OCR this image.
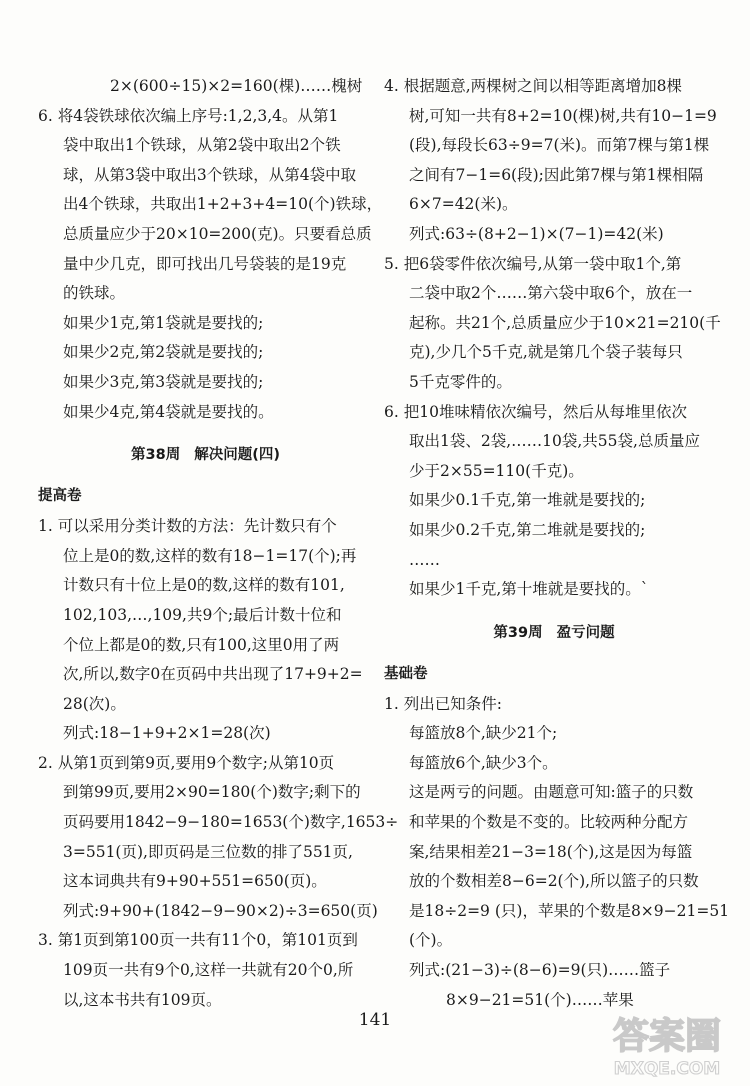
2×(600÷15)×2=160(棵)……槐树
6. 将4袋铁球依次编上序号:1,2,3,4。从第1
袋中取出1个铁球，从第2袋中取出2个铁
球，从第3袋中取出3个铁球，从第4袋中取
出4个铁球，共取出1+2+3+4=10(个)铁球，
总质量应少于20×10=200(克)。只要看总质
量中少几克，即可找出几号袋装的是19克
的铁球。
如果少1克,第1袋就是要找的;
如果少2克,第2袋就是要找的;
如果少3克,第3袋就是要找的;
如果少4克,第4袋就是要找的。
第38周 解决问题(四)
提高卷
1. 可以采用分类计数的方法：先计数只有个
位上是0的数,这样的数有18−1=17(个);再
计数只有十位上是0的数,这样的数有101,
102,103,…,109,共9个;最后计数十位和
个位上都是0的数,只有100,这里0用了两
次,所以,数字0在页码中共出现了17+9+2=
28(次)。
列式:18−1+9+2×1=28(次)
2. 从第1页到第9页,要用9个数字;从第10页
到第99页,要用2×90=180(个)数字;剩下的
页码要用1842−9−180=1653(个)数字,1653÷
3=551(页),即页码是三位数的排了551页,
这本词典共有9+90+551=650(页)。
列式:9+90+(1842−9−90×2)÷3=650(页)
3. 第1页到第100页一共有11个0，第101页到
109页一共有9个0,这样一共就有20个0,所
以,这本书共有109页。
4. 根据题意,两棵树之间以相等距离增加8棵
树,可知一共有8+2=10(棵)树,共有10−1=9
(段),每段长63÷9=7(米)。而第7棵与第1棵
之间有7−1=6(段);因此第7棵与第1棵相隔
6×7=42(米)。
列式:63÷(8+2−1)×(7−1)=42(米)
5. 把6袋零件依次编号,从第一袋中取1个,第
二袋中取2个……第六袋中取6个，放在一
起称。共21个,总质量应少于10×21=210(千
克),少几个5千克,就是第几个袋子装每只
5千克零件的。
6. 把10堆味精依次编号，然后从每堆里依次
取出1袋、2袋,……10袋,共55袋,总质量应
少于2×55=110(千克)。
如果少0.1千克,第一堆就是要找的;
如果少0.2千克,第二堆就是要找的;
……
如果少1千克,第十堆就是要找的。`
第39周 盈亏问题
基础卷
1. 列出已知条件:
每篮放8个,缺少21个;
每篮放6个,缺少3个。
这是两亏的问题。由题意可知:篮子的只数
和苹果的个数是不变的。比较两种分配方
案,结果相差21−3=18(个),这是因为每篮
放的个数相差8−6=2(个),所以篮子的只数
是18÷2=9 (只)，苹果的个数是8×9−21=51
(个)。
列式:(21−3)÷(8−6)=9(只)……篮子
8×9−21=51(个)……苹果
141	答案圈
MXQE.COM
